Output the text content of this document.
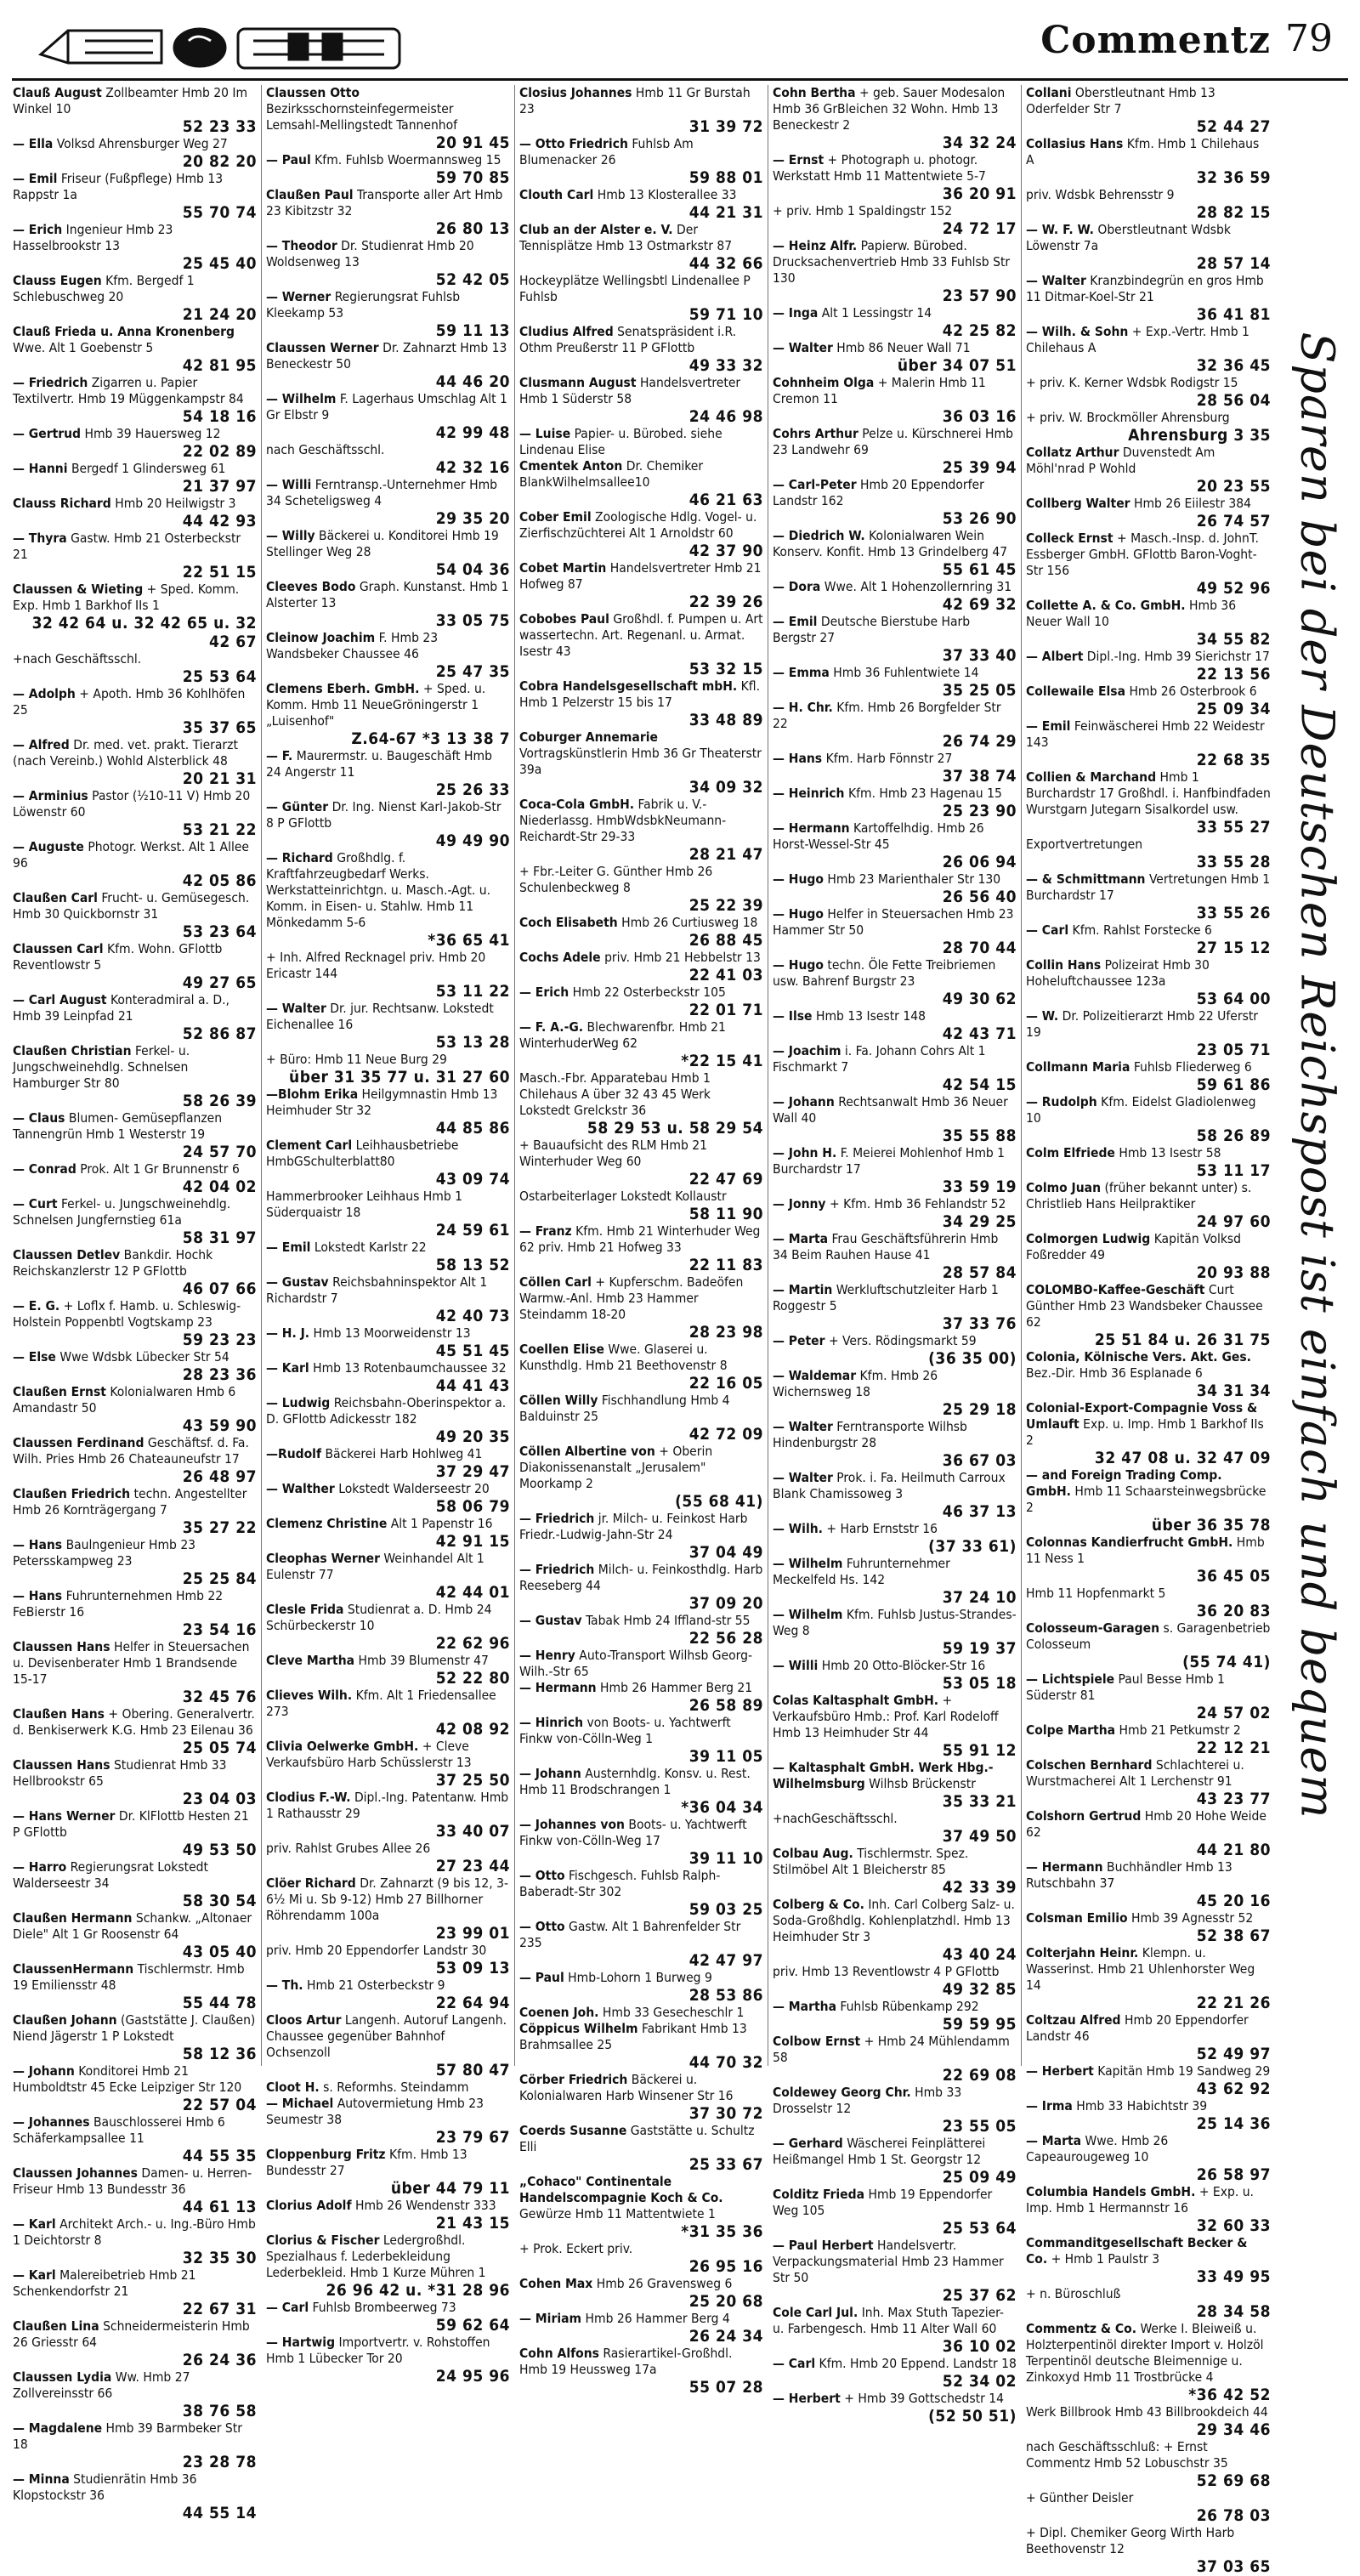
Commentz 79

Clauß August Zollbeamter Hmb 20 Im Winkel 10
52 23 33

— Ella Volksd Ahrensburger Weg 27
20 82 20

— Emil Friseur (Fußpflege) Hmb 13 Rappstr 1a
55 70 74

— Erich Ingenieur Hmb 23 Hasselbrookstr 13
25 45 40

Clauss Eugen Kfm. Bergedf 1 Schlebuschweg 20
21 24 20

Clauß Frieda u. Anna Kronenberg Wwe. Alt 1 Goebenstr 5
42 81 95

— Friedrich Zigarren u. Papier Textilvertr. Hmb 19 Müggenkampstr 84
54 18 16

— Gertrud Hmb 39 Hauersweg 12
22 02 89

— Hanni Bergedf 1 Glindersweg 61
21 37 97

Clauss Richard Hmb 20 Heilwigstr 3
44 42 93

— Thyra Gastw. Hmb 21 Osterbeckstr 21
22 51 15

Claussen & Wieting + Sped. Komm. Exp. Hmb 1 Barkhof IIs 1
32 42 64 u. 32 42 65 u. 32 42 67

+nach Geschäftsschl.
25 53 64

— Adolph + Apoth. Hmb 36 Kohlhöfen 25
35 37 65

— Alfred Dr. med. vet. prakt. Tierarzt (nach Vereinb.) Wohld Alsterblick 48
20 21 31

— Arminius Pastor (½10-11 V) Hmb 20 Löwenstr 60
53 21 22

— Auguste Photogr. Werkst. Alt 1 Allee 96
42 05 86

Claußen Carl Frucht- u. Gemüsegesch. Hmb 30 Quickbornstr 31
53 23 64

Claussen Carl Kfm. Wohn. GFlottb Reventlowstr 5
49 27 65

— Carl August Konteradmiral a. D., Hmb 39 Leinpfad 21
52 86 87

Claußen Christian Ferkel- u. Jungschweinehdlg. Schnelsen Hamburger Str 80
58 26 39

— Claus Blumen- Gemüsepflanzen Tannengrün Hmb 1 Westerstr 19
24 57 70

— Conrad Prok. Alt 1 Gr Brunnenstr 6
42 04 02

— Curt Ferkel- u. Jungschweinehdlg. Schnelsen Jungfernstieg 61a
58 31 97

Claussen Detlev Bankdir. Hochk Reichskanzlerstr 12 P GFlottb
46 07 66

— E. G. + Loflx f. Hamb. u. Schleswig-Holstein Poppenbtl Vogtskamp 23
59 23 23

— Else Wwe Wdsbk Lübecker Str 54
28 23 36

Claußen Ernst Kolonialwaren Hmb 6 Amandastr 50
43 59 90

Claussen Ferdinand Geschäftsf. d. Fa. Wilh. Pries Hmb 26 Chateauneufstr 17
26 48 97

Claußen Friedrich techn. Angestellter Hmb 26 Kornträgergang 7
35 27 22

— Hans Baulngenieur Hmb 23 Petersskampweg 23
25 25 84

— Hans Fuhrunternehmen Hmb 22 FeBierstr 16
23 54 16

Claussen Hans Helfer in Steuersachen u. Devisenberater Hmb 1 Brandsende 15-17
32 45 76

Claußen Hans + Obering. Generalvertr. d. Benkiserwerk K.G. Hmb 23 Eilenau 36
25 05 74

Claussen Hans Studienrat Hmb 33 Hellbrookstr 65
23 04 03

— Hans Werner Dr. KlFlottb Hesten 21 P GFlottb
49 53 50

— Harro Regierungsrat Lokstedt Walderseestr 34
58 30 54

Claußen Hermann Schankw. „Altonaer Diele" Alt 1 Gr Roosenstr 64
43 05 40

ClaussenHermann Tischlermstr. Hmb 19 Emiliensstr 48
55 44 78

Claußen Johann (Gaststätte J. Claußen) Niend Jägerstr 1 P Lokstedt
58 12 36

— Johann Konditorei Hmb 21 Humboldtstr 45 Ecke Leipziger Str 120
22 57 04

— Johannes Bauschlosserei Hmb 6 Schäferkampsallee 11
44 55 35

Claussen Johannes Damen- u. Herren-Friseur Hmb 13 Bundesstr 36
44 61 13

— Karl Architekt Arch.- u. Ing.-Büro Hmb 1 Deichtorstr 8
32 35 30

— Karl Malereibetrieb Hmb 21 Schenkendorfstr 21
22 67 31

Claußen Lina Schneidermeisterin Hmb 26 Griesstr 64
26 24 36

Claussen Lydia Ww. Hmb 27 Zollvereinsstr 66
38 76 58

— Magdalene Hmb 39 Barmbeker Str 18
23 28 78

— Minna Studienrätin Hmb 36 Klopstockstr 36
44 55 14

Claussen Otto Bezirksschornsteinfegermeister Lemsahl-Mellingstedt Tannenhof
20 91 45

— Paul Kfm. Fuhlsb Woermannsweg 15
59 70 85

Claußen Paul Transporte aller Art Hmb 23 Kibitzstr 32
26 80 13

— Theodor Dr. Studienrat Hmb 20 Woldsenweg 13
52 42 05

— Werner Regierungsrat Fuhlsb Kleekamp 53
59 11 13

Claussen Werner Dr. Zahnarzt Hmb 13 Beneckestr 50
44 46 20

— Wilhelm F. Lagerhaus Umschlag Alt 1 Gr Elbstr 9
42 99 48

nach Geschäftsschl.
42 32 16

— Willi Ferntransp.-Unternehmer Hmb 34 Scheteligsweg 4
29 35 20

— Willy Bäckerei u. Konditorei Hmb 19 Stellinger Weg 28
54 04 36

Cleeves Bodo Graph. Kunstanst. Hmb 1 Alsterter 13
33 05 75

Cleinow Joachim F. Hmb 23 Wandsbeker Chaussee 46
25 47 35

Clemens Eberh. GmbH. + Sped. u. Komm. Hmb 11 NeueGröningerstr 1 „Luisenhof"
Z.64-67 *3 13 38 7

— F. Maurermstr. u. Baugeschäft Hmb 24 Angerstr 11
25 26 33

— Günter Dr. Ing. Nienst Karl-Jakob-Str 8 P GFlottb
49 49 90

— Richard Großhdlg. f. Kraftfahrzeugbedarf Werks. Werkstatteinrichtgn. u. Masch.-Agt. u. Komm. in Eisen- u. Stahlw. Hmb 11 Mönkedamm 5-6
*36 65 41

+ Inh. Alfred Recknagel priv. Hmb 20 Ericastr 144
53 11 22

— Walter Dr. jur. Rechtsanw. Lokstedt Eichenallee 16
53 13 28

+ Büro: Hmb 11 Neue Burg 29
über 31 35 77 u. 31 27 60

—Blohm Erika Heilgymnastin Hmb 13 Heimhuder Str 32
44 85 86

Clement Carl Leihhausbetriebe HmbGSchulterblatt80
43 09 74

Hammerbrooker Leihhaus Hmb 1 Süderquaistr 18
24 59 61

— Emil Lokstedt Karlstr 22
58 13 52

— Gustav Reichsbahninspektor Alt 1 Richardstr 7
42 40 73

— H. J. Hmb 13 Moorweidenstr 13
45 51 45

— Karl Hmb 13 Rotenbaumchaussee 32
44 41 43

— Ludwig Reichsbahn-Oberinspektor a. D. GFlottb Adickesstr 182
49 20 35

—Rudolf Bäckerei Harb Hohlweg 41
37 29 47

— Walther Lokstedt Walderseestr 20
58 06 79

Clemenz Christine Alt 1 Papenstr 16
42 91 15

Cleophas Werner Weinhandel Alt 1 Eulenstr 77
42 44 01

Clesle Frida Studienrat a. D. Hmb 24 Schürbeckerstr 10
22 62 96

Cleve Martha Hmb 39 Blumenstr 47
52 22 80

Clieves Wilh. Kfm. Alt 1 Friedensallee 273
42 08 92

Clivia Oelwerke GmbH. + Cleve Verkaufsbüro Harb Schüsslerstr 13
37 25 50

Clodius F.-W. Dipl.-Ing. Patentanw. Hmb 1 Rathausstr 29
33 40 07

priv. Rahlst Grubes Allee 26
27 23 44

Clöer Richard Dr. Zahnarzt (9 bis 12, 3-6½ Mi u. Sb 9-12) Hmb 27 Billhorner Röhrendamm 100a
23 99 01

priv. Hmb 20 Eppendorfer Landstr 30
53 09 13

— Th. Hmb 21 Osterbeckstr 9
22 64 94

Cloos Artur Langenh. Autoruf Langenh. Chaussee gegenüber Bahnhof Ochsenzoll
57 80 47

Cloot H. s. Reformhs. Steindamm

— Michael Autovermietung Hmb 23 Seumestr 38
23 79 67

Cloppenburg Fritz Kfm. Hmb 13 Bundesstr 27
über 44 79 11

Clorius Adolf Hmb 26 Wendenstr 333
21 43 15

Clorius & Fischer Ledergroßhdl. Spezialhaus f. Lederbekleidung Lederbekleid. Hmb 1 Kurze Mühren 1
26 96 42 u. *31 28 96

— Carl Fuhlsb Brombeerweg 73
59 62 64

— Hartwig Importvertr. v. Rohstoffen Hmb 1 Lübecker Tor 20
24 95 96

Closius Johannes Hmb 11 Gr Burstah 23
31 39 72

— Otto Friedrich Fuhlsb Am Blumenacker 26
59 88 01

Clouth Carl Hmb 13 Klosterallee 33
44 21 31

Club an der Alster e. V. Der Tennisplätze Hmb 13 Ostmarkstr 87
44 32 66

Hockeyplätze Wellingsbtl Lindenallee P Fuhlsb
59 71 10

Cludius Alfred Senatspräsident i.R. Othm Preußerstr 11 P GFlottb
49 33 32

Clusmann August Handelsvertreter Hmb 1 Süderstr 58
24 46 98

— Luise Papier- u. Bürobed. siehe Lindenau Elise

Cmentek Anton Dr. Chemiker BlankWilhelmsallee10
46 21 63

Cober Emil Zoologische Hdlg. Vogel- u. Zierfischzüchterei Alt 1 Arnoldstr 60
42 37 90

Cobet Martin Handelsvertreter Hmb 21 Hofweg 87
22 39 26

Cobobes Paul Großhdl. f. Pumpen u. Art wassertechn. Art. Regenanl. u. Armat. Isestr 43
53 32 15

Cobra Handelsgesellschaft mbH. Kfl. Hmb 1 Pelzerstr 15 bis 17
33 48 89

Coburger Annemarie Vortragskünstlerin Hmb 36 Gr Theaterstr 39a
34 09 32

Coca-Cola GmbH. Fabrik u. V.-Niederlassg. HmbWdsbkNeumann-Reichardt-Str 29-33
28 21 47

+ Fbr.-Leiter G. Günther Hmb 26 Schulenbeckweg 8
25 22 39

Coch Elisabeth Hmb 26 Curtiusweg 18
26 88 45

Cochs Adele priv. Hmb 21 Hebbelstr 13
22 41 03

— Erich Hmb 22 Osterbeckstr 105
22 01 71

— F. A.-G. Blechwarenfbr. Hmb 21 WinterhuderWeg 62
*22 15 41

Masch.-Fbr. Apparatebau Hmb 1 Chilehaus A über 32 43 45 Werk Lokstedt Grelckstr 36
58 29 53 u. 58 29 54

+ Bauaufsicht des RLM Hmb 21 Winterhuder Weg 60
22 47 69

Ostarbeiterlager Lokstedt Kollaustr
58 11 90

— Franz Kfm. Hmb 21 Winterhuder Weg 62 priv. Hmb 21 Hofweg 33
22 11 83

Cöllen Carl + Kupferschm. Badeöfen Warmw.-Anl. Hmb 23 Hammer Steindamm 18-20
28 23 98

Coellen Elise Wwe. Glaserei u. Kunsthdlg. Hmb 21 Beethovenstr 8
22 16 05

Cöllen Willy Fischhandlung Hmb 4 Balduinstr 25
42 72 09

Cöllen Albertine von + Oberin Diakonissenanstalt „Jerusalem" Moorkamp 2
(55 68 41)

— Friedrich jr. Milch- u. Feinkost Harb Friedr.-Ludwig-Jahn-Str 24
37 04 49

— Friedrich Milch- u. Feinkosthdlg. Harb Reeseberg 44
37 09 20

— Gustav Tabak Hmb 24 Iffland-str 55
22 56 28

— Henry Auto-Transport Wilhsb Georg-Wilh.-Str 65

— Hermann Hmb 26 Hammer Berg 21
26 58 89

— Hinrich von Boots- u. Yachtwerft Finkw von-Cölln-Weg 1
39 11 05

— Johann Austernhdlg. Konsv. u. Rest. Hmb 11 Brodschrangen 1
*36 04 34

— Johannes von Boots- u. Yachtwerft Finkw von-Cölln-Weg 17
39 11 10

— Otto Fischgesch. Fuhlsb Ralph-Baberadt-Str 302
59 03 25

— Otto Gastw. Alt 1 Bahrenfelder Str 235
42 47 97

— Paul Hmb-Lohorn 1 Burweg 9
28 53 86

Coenen Joh. Hmb 33 Gesecheschlr 1

Cöppicus Wilhelm Fabrikant Hmb 13 Brahmsallee 25
44 70 32

Cörber Friedrich Bäckerei u. Kolonialwaren Harb Winsener Str 16
37 30 72

Coerds Susanne Gaststätte u. Schultz Elli
25 33 67

„Cohaco" Continentale Handelscompagnie Koch & Co. Gewürze Hmb 11 Mattentwiete 1
*31 35 36

+ Prok. Eckert priv.
26 95 16

Cohen Max Hmb 26 Gravensweg 6
25 20 68

— Miriam Hmb 26 Hammer Berg 4
26 24 34

Cohn Alfons Rasierartikel-Großhdl. Hmb 19 Heussweg 17a
55 07 28

Cohn Bertha + geb. Sauer Modesalon Hmb 36 GrBleichen 32 Wohn. Hmb 13 Beneckestr 2
34 32 24

— Ernst + Photograph u. photogr. Werkstatt Hmb 11 Mattentwiete 5-7
36 20 91

+ priv. Hmb 1 Spaldingstr 152
24 72 17

— Heinz Alfr. Papierw. Bürobed. Drucksachenvertrieb Hmb 33 Fuhlsb Str 130
23 57 90

— Inga Alt 1 Lessingstr 14
42 25 82

— Walter Hmb 86 Neuer Wall 71
über 34 07 51

Cohnheim Olga + Malerin Hmb 11 Cremon 11
36 03 16

Cohrs Arthur Pelze u. Kürschnerei Hmb 23 Landwehr 69
25 39 94

— Carl-Peter Hmb 20 Eppendorfer Landstr 162
53 26 90

— Diedrich W. Kolonialwaren Wein Konserv. Konfit. Hmb 13 Grindelberg 47
55 61 45

— Dora Wwe. Alt 1 Hohenzollernring 31
42 69 32

— Emil Deutsche Bierstube Harb Bergstr 27
37 33 40

— Emma Hmb 36 Fuhlentwiete 14
35 25 05

— H. Chr. Kfm. Hmb 26 Borgfelder Str 22
26 74 29

— Hans Kfm. Harb Fönnstr 27
37 38 74

— Heinrich Kfm. Hmb 23 Hagenau 15
25 23 90

— Hermann Kartoffelhdig. Hmb 26 Horst-Wessel-Str 45
26 06 94

— Hugo Hmb 23 Marienthaler Str 130
26 56 40

— Hugo Helfer in Steuersachen Hmb 23 Hammer Str 50
28 70 44

— Hugo techn. Öle Fette Treibriemen usw. Bahrenf Burgstr 23
49 30 62

— Ilse Hmb 13 Isestr 148
42 43 71

— Joachim i. Fa. Johann Cohrs Alt 1 Fischmarkt 7
42 54 15

— Johann Rechtsanwalt Hmb 36 Neuer Wall 40
35 55 88

— John H. F. Meierei Mohlenhof Hmb 1 Burchardstr 17
33 59 19

— Jonny + Kfm. Hmb 36 Fehlandstr 52
34 29 25

— Marta Frau Geschäftsführerin Hmb 34 Beim Rauhen Hause 41
28 57 84

— Martin Werkluftschutzleiter Harb 1 Roggestr 5
37 33 76

— Peter + Vers. Rödingsmarkt 59
(36 35 00)

— Waldemar Kfm. Hmb 26 Wichernsweg 18
25 29 18

— Walter Ferntransporte Wilhsb Hindenburgstr 28
36 67 03

— Walter Prok. i. Fa. Heilmuth Carroux Blank Chamissoweg 3
46 37 13

— Wilh. + Harb Ernststr 16
(37 33 61)

— Wilhelm Fuhrunternehmer Meckelfeld Hs. 142
37 24 10

— Wilhelm Kfm. Fuhlsb Justus-Strandes-Weg 8
59 19 37

— Willi Hmb 20 Otto-Blöcker-Str 16
53 05 18

Colas Kaltasphalt GmbH. + Verkaufsbüro Hmb.: Prof. Karl Rodeloff Hmb 13 Heimhuder Str 44
55 91 12

— Kaltasphalt GmbH. Werk Hbg.-Wilhelmsburg Wilhsb Brückenstr
35 33 21

+nachGeschäftsschl.
37 49 50

Colbau Aug. Tischlermstr. Spez. Stilmöbel Alt 1 Bleicherstr 85
42 33 39

Colberg & Co. Inh. Carl Colberg Salz- u. Soda-Großhdlg. Kohlenplatzhdl. Hmb 13 Heimhuder Str 3
43 40 24

priv. Hmb 13 Reventlowstr 4 P GFlottb
49 32 85

— Martha Fuhlsb Rübenkamp 292
59 59 95

Colbow Ernst + Hmb 24 Mühlendamm 58
22 69 08

Coldewey Georg Chr. Hmb 33 Drosselstr 12
23 55 05

— Gerhard Wäscherei Feinplätterei Heißmangel Hmb 1 St. Georgstr 12
25 09 49

Colditz Frieda Hmb 19 Eppendorfer Weg 105
25 53 64

— Paul Herbert Handelsvertr. Verpackungsmaterial Hmb 23 Hammer Str 50
25 37 62

Cole Carl Jul. Inh. Max Stuth Tapezier- u. Farbengesch. Hmb 11 Alter Wall 60
36 10 02

— Carl Kfm. Hmb 20 Eppend. Landstr 18
52 34 02

— Herbert + Hmb 39 Gottschedstr 14
(52 50 51)

Collani Oberstleutnant Hmb 13 Oderfelder Str 7
52 44 27

Collasius Hans Kfm. Hmb 1 Chilehaus A
32 36 59

priv. Wdsbk Behrensstr 9
28 82 15

— W. F. W. Oberstleutnant Wdsbk Löwenstr 7a
28 57 14

— Walter Kranzbindegrün en gros Hmb 11 Ditmar-Koel-Str 21
36 41 81

— Wilh. & Sohn + Exp.-Vertr. Hmb 1 Chilehaus A
32 36 45

+ priv. K. Kerner Wdsbk Rodigstr 15
28 56 04

+ priv. W. Brockmöller Ahrensburg
Ahrensburg 3 35

Collatz Arthur Duvenstedt Am Möhl'nrad P Wohld
20 23 55

Collberg Walter Hmb 26 Eiilestr 384
26 74 57

Colleck Ernst + Masch.-Insp. d. JohnT. Essberger GmbH. GFlottb Baron-Voght-Str 156
49 52 96

Collette A. & Co. GmbH. Hmb 36 Neuer Wall 10
34 55 82

— Albert Dipl.-Ing. Hmb 39 Sierichstr 17
22 13 56

Collewaile Elsa Hmb 26 Osterbrook 6
25 09 34

— Emil Feinwäscherei Hmb 22 Weidestr 143
22 68 35

Collien & Marchand Hmb 1 Burchardstr 17 Großhdl. i. Hanfbindfaden Wurstgarn Jutegarn Sisalkordel usw.
33 55 27

Exportvertretungen
33 55 28

— & Schmittmann Vertretungen Hmb 1 Burchardstr 17
33 55 26

— Carl Kfm. Rahlst Forstecke 6
27 15 12

Collin Hans Polizeirat Hmb 30 Hoheluftchaussee 123a
53 64 00

— W. Dr. Polizeitierarzt Hmb 22 Uferstr 19
23 05 71

Collmann Maria Fuhlsb Fliederweg 6
59 61 86

— Rudolph Kfm. Eidelst Gladiolenweg 10
58 26 89

Colm Elfriede Hmb 13 Isestr 58
53 11 17

Colmo Juan (früher bekannt unter) s. Christlieb Hans Heilpraktiker
24 97 60

Colmorgen Ludwig Kapitän Volksd Foßredder 49
20 93 88

COLOMBO-Kaffee-Geschäft Curt Günther Hmb 23 Wandsbeker Chaussee 62
25 51 84 u. 26 31 75

Colonia, Kölnische Vers. Akt. Ges. Bez.-Dir. Hmb 36 Esplanade 6
34 31 34

Colonial-Export-Compagnie Voss & Umlauft Exp. u. Imp. Hmb 1 Barkhof IIs 2
32 47 08 u. 32 47 09

— and Foreign Trading Comp. GmbH. Hmb 11 Schaarsteinwegsbrücke 2
über 36 35 78

Colonnas Kandierfrucht GmbH. Hmb 11 Ness 1
36 45 05

Hmb 11 Hopfenmarkt 5
36 20 83

Colosseum-Garagen s. Garagenbetrieb Colosseum
(55 74 41)

— Lichtspiele Paul Besse Hmb 1 Süderstr 81
24 57 02

Colpe Martha Hmb 21 Petkumstr 2
22 12 21

Colschen Bernhard Schlachterei u. Wurstmacherei Alt 1 Lerchenstr 91
43 23 77

Colshorn Gertrud Hmb 20 Hohe Weide 62
44 21 80

— Hermann Buchhändler Hmb 13 Rutschbahn 37
45 20 16

Colsman Emilio Hmb 39 Agnesstr 52
52 38 67

Colterjahn Heinr. Klempn. u. Wasserinst. Hmb 21 Uhlenhorster Weg 14
22 21 26

Coltzau Alfred Hmb 20 Eppendorfer Landstr 46
52 49 97

— Herbert Kapitän Hmb 19 Sandweg 29
43 62 92

— Irma Hmb 33 Habichtstr 39
25 14 36

— Marta Wwe. Hmb 26 Capeaurougeweg 10
26 58 97

Columbia Handels GmbH. + Exp. u. Imp. Hmb 1 Hermannstr 16
32 60 33

Commanditgesellschaft Becker & Co. + Hmb 1 Paulstr 3
33 49 95

+ n. Büroschluß
28 34 58

Commentz & Co. Werke I. Bleiweiß u. Holzterpentinöl direkter Import v. Holzöl Terpentinöl deutsche Bleimennige u. Zinkoxyd Hmb 11 Trostbrücke 4
*36 42 52

Werk Billbrook Hmb 43 Billbrookdeich 44
29 34 46

nach Geschäftsschluß: + Ernst Commentz Hmb 52 Lobuschstr 35
52 69 68

+ Günther Deisler
26 78 03

+ Dipl. Chemiker Georg Wirth Harb Beethovenstr 12
37 03 65

Sparen bei der Deutschen Reichspost ist einfach und bequem
